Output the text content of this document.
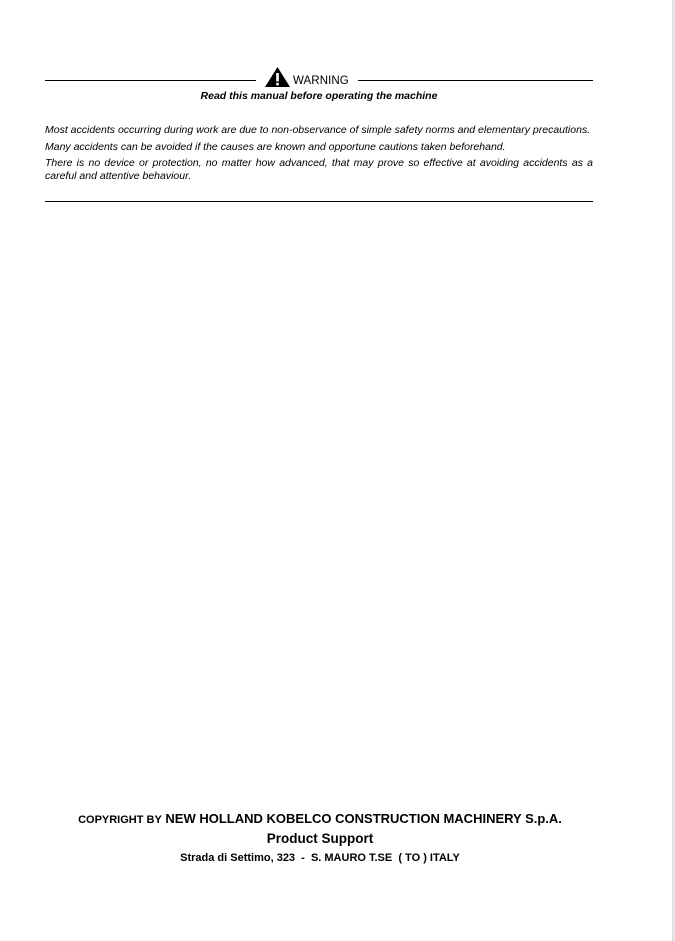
WARNING
Read this manual before operating the machine

Most accidents occurring during work are due to non-observance of simple safety norms and elementary precautions.

Many accidents can be avoided if the causes are known and opportune cautions taken beforehand.

There is no device or protection, no matter how advanced, that may prove so effective at avoiding accidents as a careful and attentive behaviour.

COPYRIGHT BY NEW HOLLAND KOBELCO CONSTRUCTION MACHINERY S.p.A.
Product Support
Strada di Settimo, 323  -  S. MAURO T.SE  ( TO ) ITALY
